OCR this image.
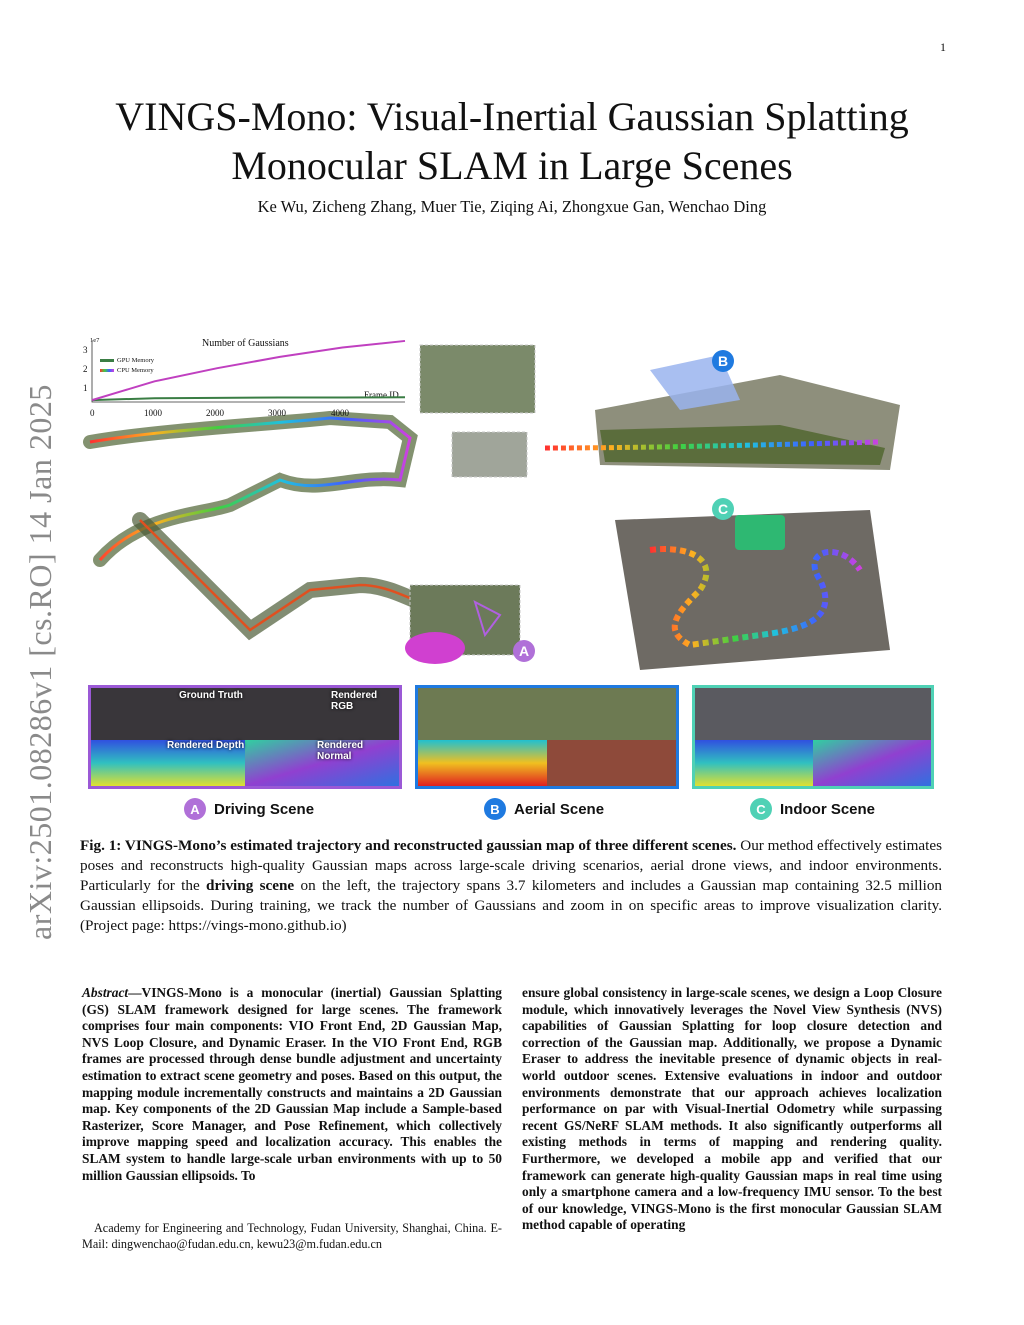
1
arXiv:2501.08286v1 [cs.RO] 14 Jan 2025
VINGS-Mono: Visual-Inertial Gaussian Splatting Monocular SLAM in Large Scenes
Ke Wu, Zicheng Zhang, Muer Tie, Ziqing Ai, Zhongxue Gan, Wenchao Ding
Number of Gaussians
1e7
3
2
1
0	1000	2000	3000	4000
Frame ID
GPU Memory
CPU Memory
B
C
A
Ground Truth	Rendered RGB
Rendered Depth	Rendered Normal
A Driving Scene	B Aerial Scene	C Indoor Scene
Fig. 1: VINGS-Mono’s estimated trajectory and reconstructed gaussian map of three different scenes. Our method effectively estimates poses and reconstructs high-quality Gaussian maps across large-scale driving scenarios, aerial drone views, and indoor environments. Particularly for the driving scene on the left, the trajectory spans 3.7 kilometers and includes a Gaussian map containing 32.5 million Gaussian ellipsoids. During training, we track the number of Gaussians and zoom in on specific areas to improve visualization clarity. (Project page: https://vings-mono.github.io)
Abstract—VINGS-Mono is a monocular (inertial) Gaussian Splatting (GS) SLAM framework designed for large scenes. The framework comprises four main components: VIO Front End, 2D Gaussian Map, NVS Loop Closure, and Dynamic Eraser. In the VIO Front End, RGB frames are processed through dense bundle adjustment and uncertainty estimation to extract scene geometry and poses. Based on this output, the mapping module incrementally constructs and maintains a 2D Gaussian map. Key components of the 2D Gaussian Map include a Sample-based Rasterizer, Score Manager, and Pose Refinement, which collectively improve mapping speed and localization accuracy. This enables the SLAM system to handle large-scale urban environments with up to 50 million Gaussian ellipsoids. To
ensure global consistency in large-scale scenes, we design a Loop Closure module, which innovatively leverages the Novel View Synthesis (NVS) capabilities of Gaussian Splatting for loop closure detection and correction of the Gaussian map. Additionally, we propose a Dynamic Eraser to address the inevitable presence of dynamic objects in real-world outdoor scenes. Extensive evaluations in indoor and outdoor environments demonstrate that our approach achieves localization performance on par with Visual-Inertial Odometry while surpassing recent GS/NeRF SLAM methods. It also significantly outperforms all existing methods in terms of mapping and rendering quality. Furthermore, we developed a mobile app and verified that our framework can generate high-quality Gaussian maps in real time using only a smartphone camera and a low-frequency IMU sensor. To the best of our knowledge, VINGS-Mono is the first monocular Gaussian SLAM method capable of operating
Academy for Engineering and Technology, Fudan University, Shanghai, China. E-Mail: dingwenchao@fudan.edu.cn, kewu23@m.fudan.edu.cn
